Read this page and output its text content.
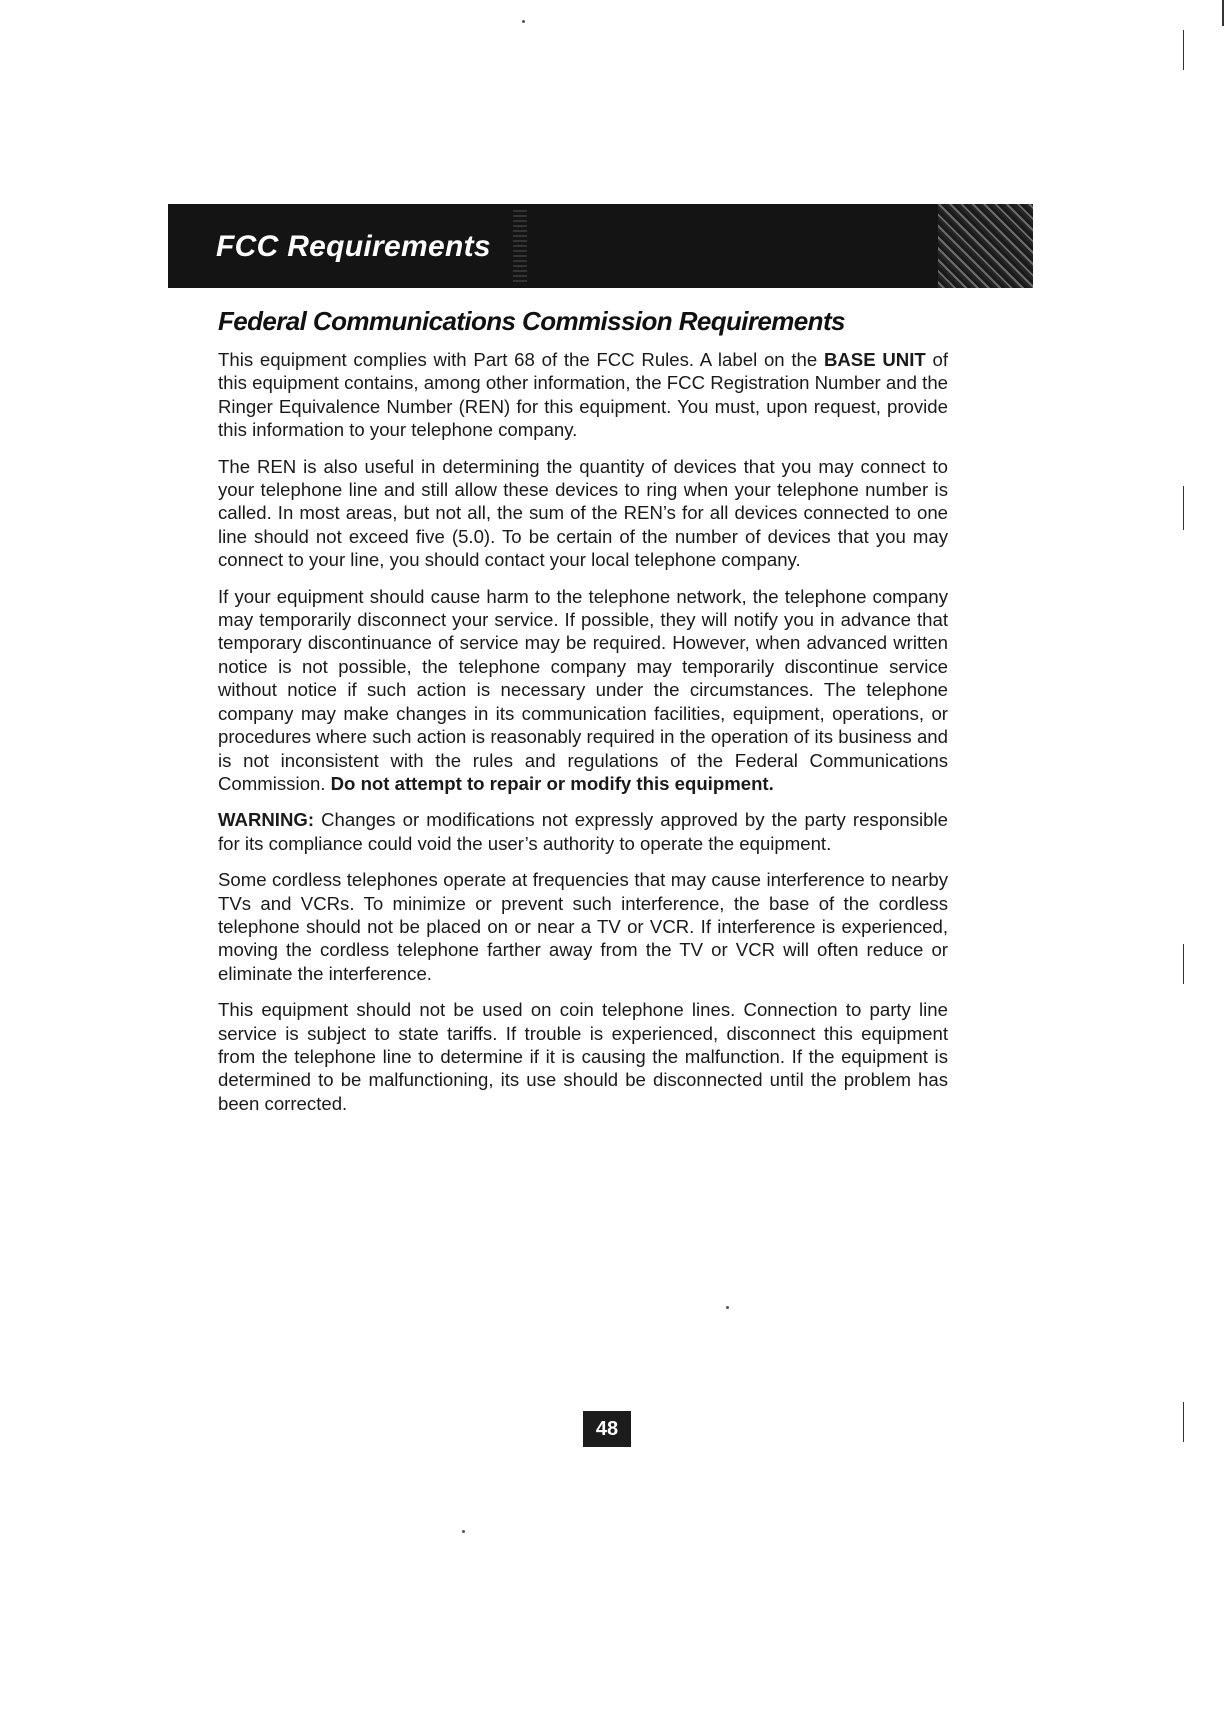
FCC Requirements
Federal Communications Commission Requirements

This equipment complies with Part 68 of the FCC Rules. A label on the BASE UNIT of this equipment contains, among other information, the FCC Registration Number and the Ringer Equivalence Number (REN) for this equipment. You must, upon request, provide this information to your telephone company.

The REN is also useful in determining the quantity of devices that you may connect to your telephone line and still allow these devices to ring when your telephone number is called. In most areas, but not all, the sum of the REN’s for all devices connected to one line should not exceed five (5.0). To be certain of the number of devices that you may connect to your line, you should contact your local telephone company.

If your equipment should cause harm to the telephone network, the telephone company may temporarily disconnect your service. If possible, they will notify you in advance that temporary discontinuance of service may be required. However, when advanced written notice is not possible, the telephone company may temporarily discontinue service without notice if such action is necessary under the circumstances. The telephone company may make changes in its communication facilities, equipment, operations, or procedures where such action is reasonably required in the operation of its business and is not inconsistent with the rules and regulations of the Federal Communications Commission. Do not attempt to repair or modify this equipment.

WARNING: Changes or modifications not expressly approved by the party responsible for its compliance could void the user’s authority to operate the equipment.

Some cordless telephones operate at frequencies that may cause interference to nearby TVs and VCRs. To minimize or prevent such interference, the base of the cordless telephone should not be placed on or near a TV or VCR. If interference is experienced, moving the cordless telephone farther away from the TV or VCR will often reduce or eliminate the interference.

This equipment should not be used on coin telephone lines. Connection to party line service is subject to state tariffs. If trouble is experienced, disconnect this equipment from the telephone line to determine if it is causing the malfunction. If the equipment is determined to be malfunctioning, its use should be disconnected until the problem has been corrected.

48
